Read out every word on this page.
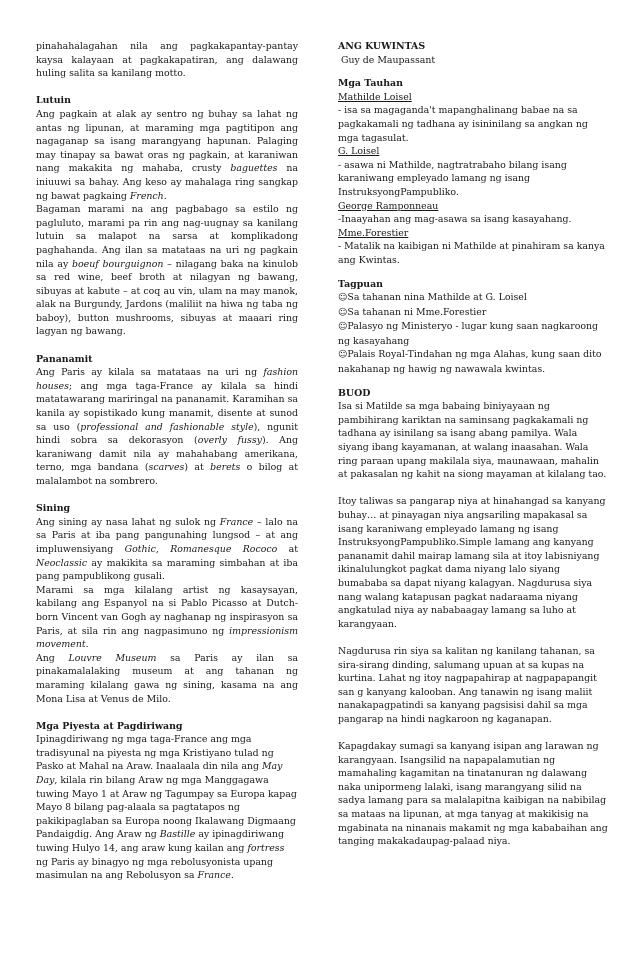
pinahahalagahan nila ang pagkakapantay-pantay kaysa kalayaan at pagkakapatiran, ang dalawang huling salita sa kanilang motto.

Lutuin

Ang pagkain at alak ay sentro ng buhay sa lahat ng antas ng lipunan, at maraming mga pagtitipon ang nagaganap sa isang marangyang hapunan. Palaging may tinapay sa bawat oras ng pagkain, at karaniwan nang makakita ng mahaba, crusty baguettes na iniuuwi sa bahay. Ang keso ay mahalaga ring sangkap ng bawat pagkaing French.

Bagaman marami na ang pagbabago sa estilo ng pagluluto, marami pa rin ang nag-uugnay sa kanilang lutuin sa malapot na sarsa at komplikadong paghahanda. Ang ilan sa matataas na uri ng pagkain nila ay boeuf bourguignon – nilagang baka na kinulob sa red wine, beef broth at nilagyan ng bawang, sibuyas at kabute – at coq au vin, ulam na may manok, alak na Burgundy, Jardons (maliliit na hiwa ng taba ng baboy), button mushrooms, sibuyas at maaari ring lagyan ng bawang.

Pananamit

Ang Paris ay kilala sa matataas na uri ng fashion houses; ang mga taga-France ay kilala sa hindi matatawarang mariringal na pananamit. Karamihan sa kanila ay sopistikado kung manamit, disente at sunod sa uso (professional and fashionable style), ngunit hindi sobra sa dekorasyon (overly fussy). Ang karaniwang damit nila ay mahahabang amerikana, terno, mga bandana (scarves) at berets o bilog at malalambot na sombrero.

Sining

Ang sining ay nasa lahat ng sulok ng France – lalo na sa Paris at iba pang pangunahing lungsod – at ang impluwensiyang Gothic, Romanesque Rococo at Neoclassic ay makikita sa maraming simbahan at iba pang pampublikong gusali.

Marami sa mga kilalang artist ng kasaysayan, kabilang ang Espanyol na si Pablo Picasso at Dutch-born Vincent van Gogh ay naghanap ng inspirasyon sa Paris, at sila rin ang nagpasimuno ng impressionism movement.

Ang Louvre Museum sa Paris ay ilan sa pinakamalalaking museum at ang tahanan ng maraming kilalang gawa ng sining, kasama na ang Mona Lisa at Venus de Milo.

Mga Piyesta at Pagdiriwang

Ipinagdiriwang ng mga taga-France ang mga tradisyunal na piyesta ng mga Kristiyano tulad ng Pasko at Mahal na Araw. Inaalaala din nila ang May Day, kilala rin bilang Araw ng mga Manggagawa tuwing Mayo 1 at Araw ng Tagumpay sa Europa kapag Mayo 8 bilang pag-alaala sa pagtatapos ng pakikipaglaban sa Europa noong Ikalawang Digmaang Pandaigdig. Ang Araw ng Bastille ay ipinagdiriwang tuwing Hulyo 14, ang araw kung kailan ang fortress ng Paris ay binagyo ng mga rebolusyonista upang masimulan na ang Rebolusyon sa France.

ANG KUWINTAS

Guy de Maupassant

Mga Tauhan

Mathilde Loisel

- isa sa magaganda't mapanghalinang babae na sa pagkakamali ng tadhana ay isininilang sa angkan ng mga tagasulat.

G. Loisel

- asawa ni Mathilde, nagtratrabaho bilang isang karaniwang empleyado lamang ng isang InstruksyongPampubliko.

George Ramponneau

-Inaayahan ang mag-asawa sa isang kasayahang.

Mme.Forestier

- Matalik na kaibigan ni Mathilde at pinahiram sa kanya ang Kwintas.

Tagpuan

☺Sa tahanan nina Mathilde at G. Loisel

☺Sa tahanan ni Mme.Forestier

☺Palasyo ng Ministeryo - lugar kung saan nagkaroong ng kasayahang

☺Palais Royal-Tindahan ng mga Alahas, kung saan dito nakahanap ng hawig ng nawawala kwintas.

BUOD

Isa si Matilde sa mga babaing biniyayaan ng pambihirang kariktan na saminsang pagkakamali ng tadhana ay isinilang sa isang abang pamilya. Wala siyang ibang kayamanan, at walang inaasahan. Wala ring paraan upang makilala siya, maunawaan, mahalin at pakasalan ng kahit na siong mayaman at kilalang tao.

Itoy taliwas sa pangarap niya at hinahangad sa kanyang buhay… at pinayagan niya angsariling mapakasal sa isang karaniwang empleyado lamang ng isang InstruksyongPampubliko.Simple lamang ang kanyang pananamit dahil mairap lamang sila at itoy labisniyang ikinalulungkot pagkat dama niyang lalo siyang bumababa sa dapat niyang kalagyan. Nagdurusa siya nang walang katapusan pagkat nadaraama niyang angkatulad niya ay nababaagay lamang sa luho at karangyaan.

Nagdurusa rin siya sa kalitan ng kanilang tahanan, sa sira-sirang dinding, salumang upuan at sa kupas na kurtina. Lahat ng itoy nagpapahirap at nagpapapangit san g kanyang kalooban. Ang tanawin ng isang maliit nanakapagpatindi sa kanyang pagsisisi dahil sa mga pangarap na hindi nagkaroon ng kaganapan.

Kapagdakay sumagi sa kanyang isipan ang larawan ng karangyaan. Isangsilid na napapalamutian ng mamahaling kagamitan na tinatanuran ng dalawang naka unipormeng lalaki, isang marangyang silid na sadya lamang para sa malalapitna kaibigan na nabibilag sa mataas na lipunan, at mga tanyag at makikisig na mgabinata na ninanais makamit ng mga kababaihan ang tanging makakadaupag-palaad niya.
